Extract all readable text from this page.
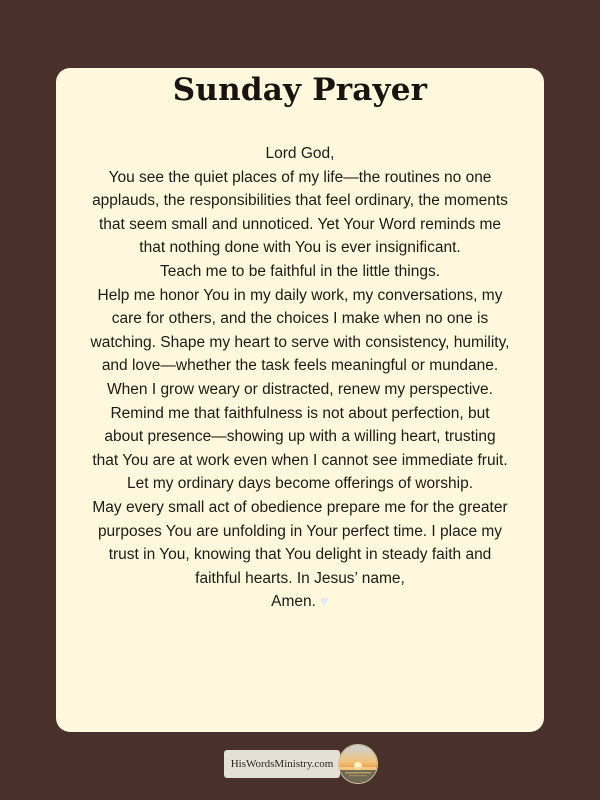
Sunday Prayer
Lord God,
You see the quiet places of my life—the routines no one
applauds, the responsibilities that feel ordinary, the moments
that seem small and unnoticed. Yet Your Word reminds me
that nothing done with You is ever insignificant.
Teach me to be faithful in the little things.
Help me honor You in my daily work, my conversations, my
care for others, and the choices I make when no one is
watching. Shape my heart to serve with consistency, humility,
and love—whether the task feels meaningful or mundane.
When I grow weary or distracted, renew my perspective.
Remind me that faithfulness is not about perfection, but
about presence—showing up with a willing heart, trusting
that You are at work even when I cannot see immediate fruit.
Let my ordinary days become offerings of worship.
May every small act of obedience prepare me for the greater
purposes You are unfolding in Your perfect time. I place my
trust in You, knowing that You delight in steady faith and
faithful hearts. In Jesus’ name,
Amen. ♥
HisWordsMinistry.com
